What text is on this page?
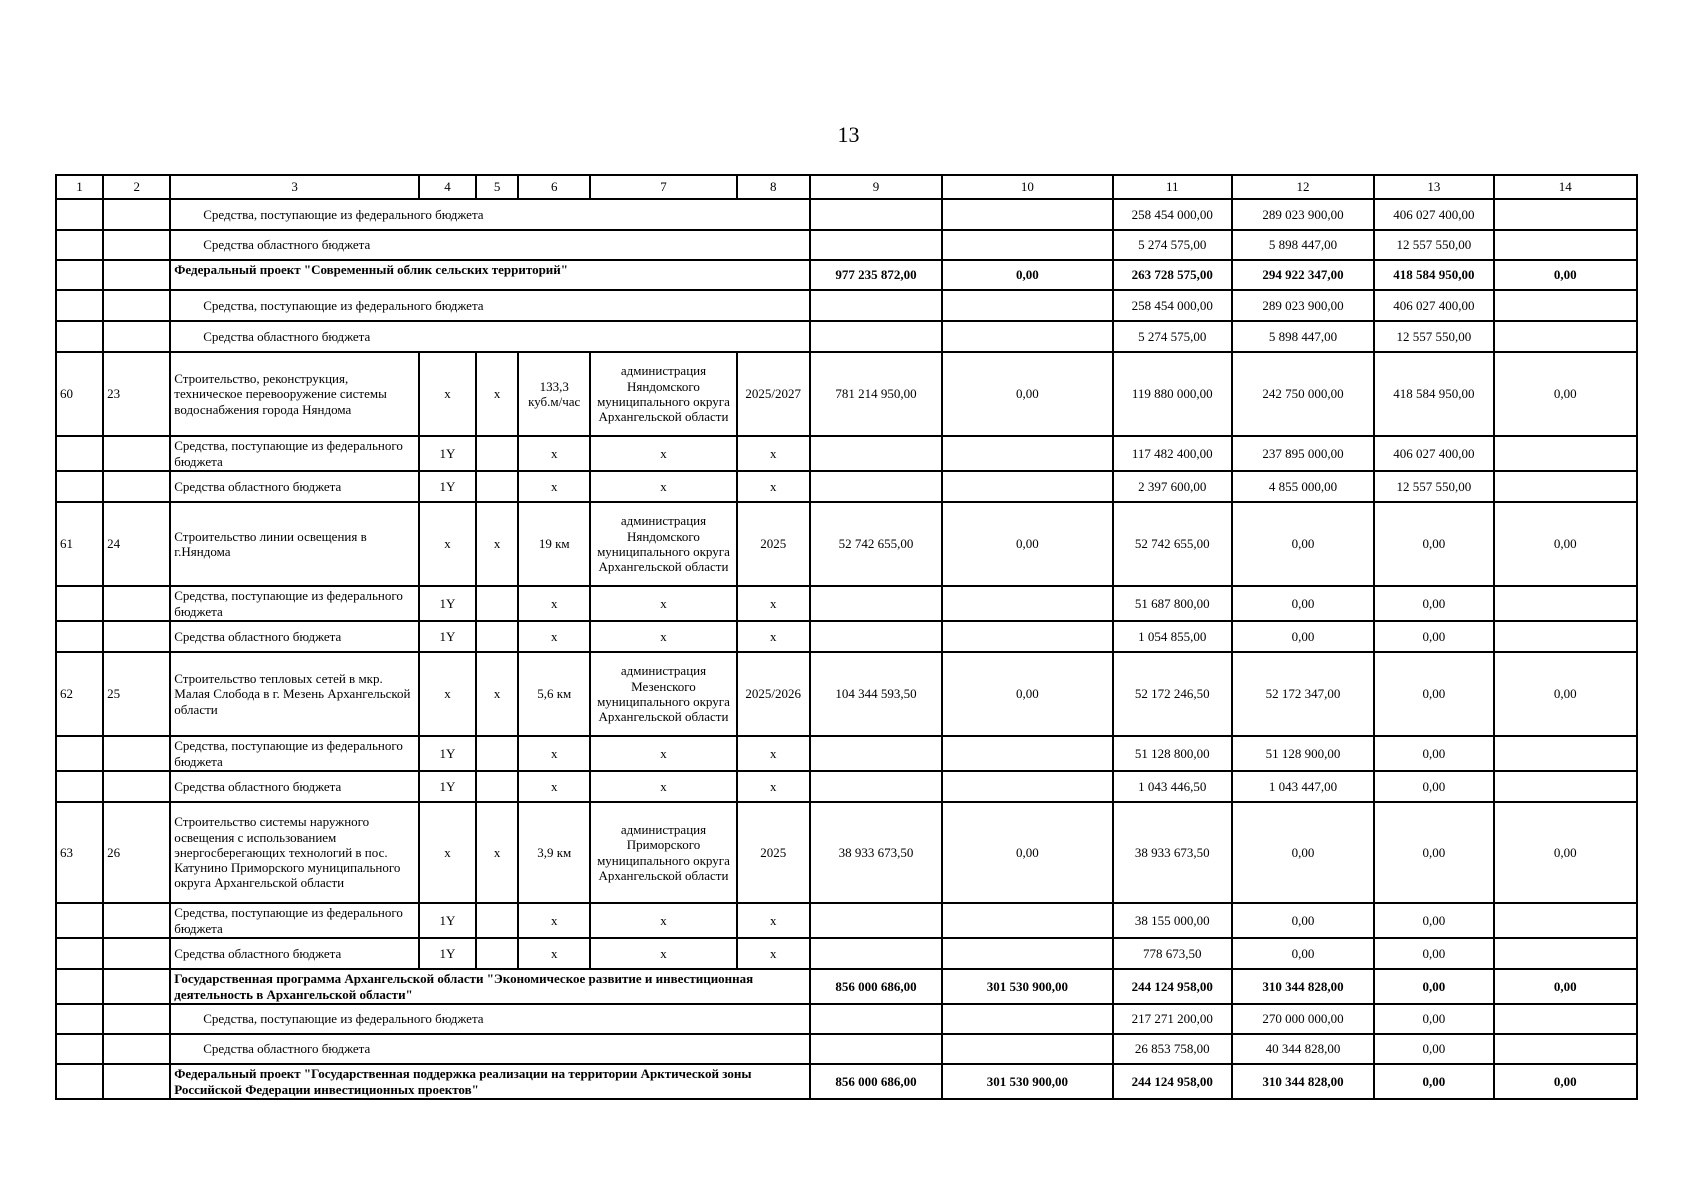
13
1	2	3	4	5	6	7	8	9	10	11	12	13	14
		Средства, поступающие из федерального бюджета								258 454 000,00	289 023 900,00	406 027 400,00	
		Средства областного бюджета								5 274 575,00	5 898 447,00	12 557 550,00	
		Федеральный проект "Современный облик сельских территорий"						977 235 872,00	0,00	263 728 575,00	294 922 347,00	418 584 950,00	0,00
		Средства, поступающие из федерального бюджета								258 454 000,00	289 023 900,00	406 027 400,00	
		Средства областного бюджета								5 274 575,00	5 898 447,00	12 557 550,00	
60	23	Строительство, реконструкция, техническое перевооружение системы водоснабжения города Няндома	х	х	133,3 куб.м/час	администрация Няндомского муниципального округа Архангельской области	2025/2027	781 214 950,00	0,00	119 880 000,00	242 750 000,00	418 584 950,00	0,00
		Средства, поступающие из федерального бюджета	1Y		х	х	х			117 482 400,00	237 895 000,00	406 027 400,00	
		Средства областного бюджета	1Y		х	х	х			2 397 600,00	4 855 000,00	12 557 550,00	
61	24	Строительство линии освещения в г.Няндома	х	х	19 км	администрация Няндомского муниципального округа Архангельской области	2025	52 742 655,00	0,00	52 742 655,00	0,00	0,00	0,00
		Средства, поступающие из федерального бюджета	1Y		х	х	х			51 687 800,00	0,00	0,00	
		Средства областного бюджета	1Y		х	х	х			1 054 855,00	0,00	0,00	
62	25	Строительство тепловых сетей в мкр. Малая Слобода в г. Мезень Архангельской области	х	х	5,6 км	администрация Мезенского муниципального округа Архангельской области	2025/2026	104 344 593,50	0,00	52 172 246,50	52 172 347,00	0,00	0,00
		Средства, поступающие из федерального бюджета	1Y		х	х	х			51 128 800,00	51 128 900,00	0,00	
		Средства областного бюджета	1Y		х	х	х			1 043 446,50	1 043 447,00	0,00	
63	26	Строительство системы наружного освещения с использованием энергосберегающих технологий в пос. Катунино Приморского муниципального округа Архангельской области	х	х	3,9 км	администрация Приморского муниципального округа Архангельской области	2025	38 933 673,50	0,00	38 933 673,50	0,00	0,00	0,00
		Средства, поступающие из федерального бюджета	1Y		х	х	х			38 155 000,00	0,00	0,00	
		Средства областного бюджета	1Y		х	х	х			778 673,50	0,00	0,00	
		Государственная программа Архангельской области "Экономическое развитие и инвестиционная деятельность в Архангельской области"						856 000 686,00	301 530 900,00	244 124 958,00	310 344 828,00	0,00	0,00
		Средства, поступающие из федерального бюджета								217 271 200,00	270 000 000,00	0,00	
		Средства областного бюджета								26 853 758,00	40 344 828,00	0,00	
		Федеральный проект "Государственная поддержка реализации на территории Арктической зоны Российской Федерации инвестиционных проектов"						856 000 686,00	301 530 900,00	244 124 958,00	310 344 828,00	0,00	0,00
